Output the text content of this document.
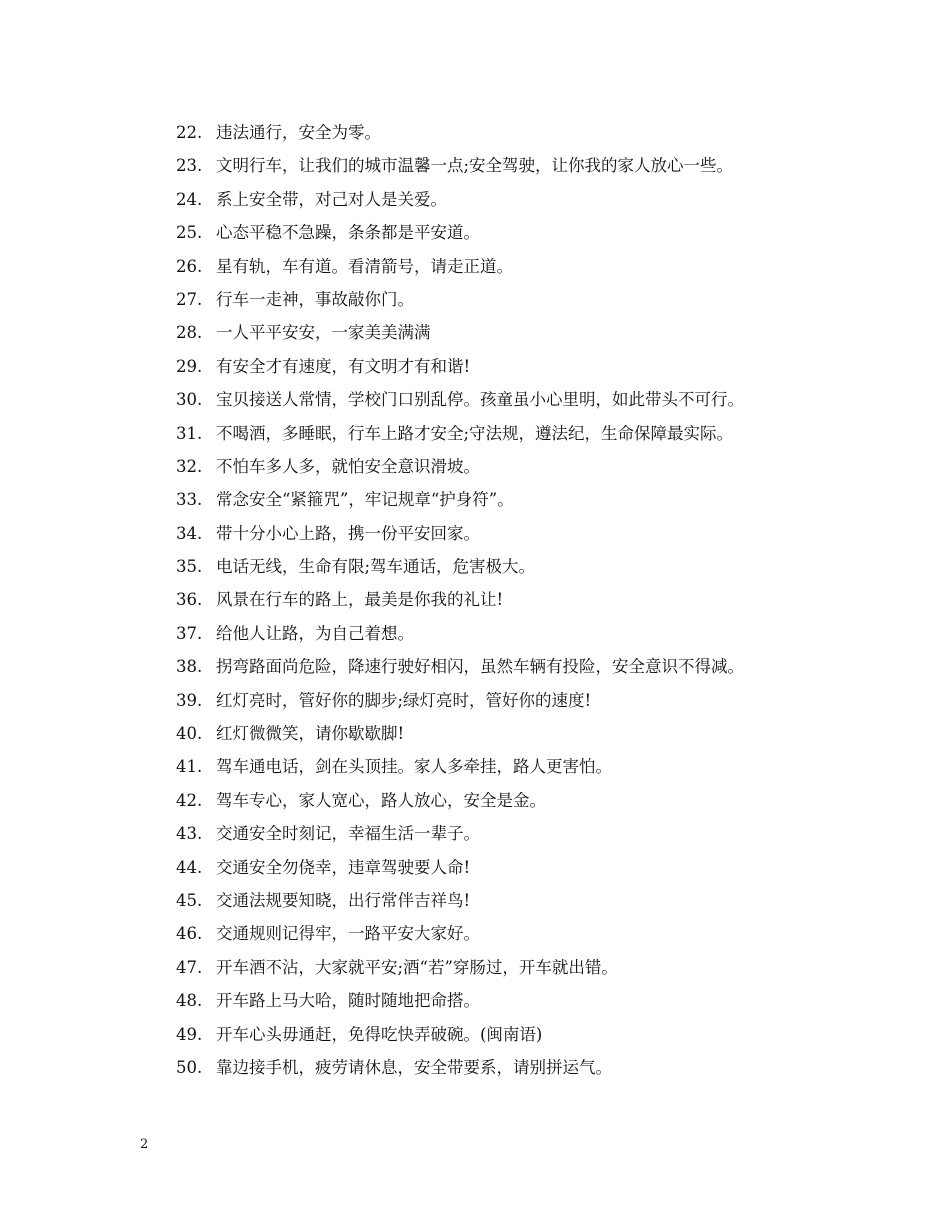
22. 违法通行，安全为零。
23. 文明行车，让我们的城市温馨一点;安全驾驶，让你我的家人放心一些。
24. 系上安全带，对己对人是关爱。
25. 心态平稳不急躁，条条都是平安道。
26. 星有轨，车有道。看清箭号，请走正道。
27. 行车一走神，事故敲你门。
28. 一人平平安安，一家美美满满
29. 有安全才有速度，有文明才有和谐!
30. 宝贝接送人常情，学校门口别乱停。孩童虽小心里明，如此带头不可行。
31. 不喝酒，多睡眠，行车上路才安全;守法规，遵法纪，生命保障最实际。
32. 不怕车多人多，就怕安全意识滑坡。
33. 常念安全“紧箍咒”，牢记规章“护身符”。
34. 带十分小心上路，携一份平安回家。
35. 电话无线，生命有限;驾车通话，危害极大。
36. 风景在行车的路上，最美是你我的礼让!
37. 给他人让路，为自己着想。
38. 拐弯路面尚危险，降速行驶好相闪，虽然车辆有投险，安全意识不得减。
39. 红灯亮时，管好你的脚步;绿灯亮时，管好你的速度!
40. 红灯微微笑，请你歇歇脚!
41. 驾车通电话，剑在头顶挂。家人多牵挂，路人更害怕。
42. 驾车专心，家人宽心，路人放心，安全是金。
43. 交通安全时刻记，幸福生活一辈子。
44. 交通安全勿侥幸，违章驾驶要人命!
45. 交通法规要知晓，出行常伴吉祥鸟!
46. 交通规则记得牢，一路平安大家好。
47. 开车酒不沾，大家就平安;酒“若”穿肠过，开车就出错。
48. 开车路上马大哈，随时随地把命搭。
49. 开车心头毋通赶，免得吃快弄破碗。(闽南语)
50. 靠边接手机，疲劳请休息，安全带要系，请别拼运气。
2
